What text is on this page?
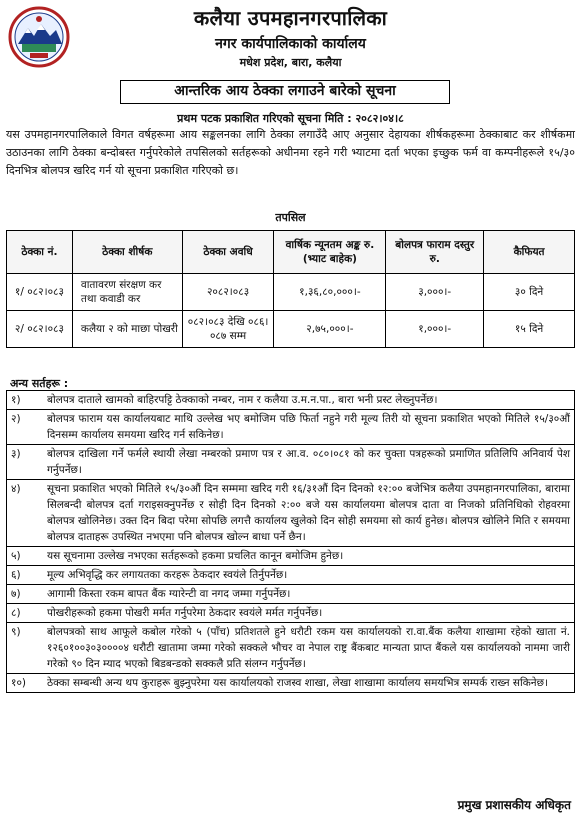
कलैया उपमहानगरपालिका
नगर कार्यपालिकाको कार्यालय
मधेश प्रदेश, बारा, कलैया
आन्तरिक आय ठेक्का लगाउने बारेको सूचना
प्रथम पटक प्रकाशित गरिएको सूचना मिति : २०८२।०४।८

यस उपमहानगरपालिकाले विगत वर्षहरूमा आय सङ्कलनका लागि ठेक्का लगाउँदै आए अनुसार देहायका शीर्षकहरूमा ठेक्काबाट कर शीर्षकमा उठाउनका लागि ठेक्का बन्दोबस्त गर्नुपरेकोले तपसिलको सर्तहरूको अधीनमा रहने गरी भ्याटमा दर्ता भएका इच्छुक फर्म वा कम्पनीहरूले १५/३० दिनभित्र बोलपत्र खरिद गर्न यो सूचना प्रकाशित गरिएको छ।

तपसिल
ठेक्का नं.	ठेक्का शीर्षक	ठेक्का अवधि	वार्षिक न्यूनतम अङ्क रु. (भ्याट बाहेक)	बोलपत्र फाराम दस्तुर रु.	कैफियत
१/ ०८२।०८३	वातावरण संरक्षण कर तथा कवाडी कर	२०८२।०८३	१,३६,८०,०००।-	३,०००।-	३० दिने
२/ ०८२।०८३	कलैया २ को माछा पोखरी	०८२।०८३ देखि ०८६।०८७ सम्म	२,७५,०००।-	१,०००।-	१५ दिने
अन्य सर्तहरू :
१)	बोलपत्र दाताले खामको बाहिरपट्टि ठेक्काको नम्बर, नाम र कलैया उ.म.न.पा., बारा भनी प्रस्ट लेख्नुपर्नेछ।
२)	बोलपत्र फाराम यस कार्यालयबाट माथि उल्लेख भए बमोजिम पछि फिर्ता नहुने गरी मूल्य तिरी यो सूचना प्रकाशित भएको मितिले १५/३०औं दिनसम्म कार्यालय समयमा खरिद गर्न सकिनेछ।
३)	बोलपत्र दाखिला गर्ने फर्मले स्थायी लेखा नम्बरको प्रमाण पत्र र आ.व. ०८०।०८१ को कर चुक्ता पत्रहरूको प्रमाणित प्रतिलिपि अनिवार्य पेश गर्नुपर्नेछ।
४)	सूचना प्रकाशित भएको मितिले १५/३०औं दिन सम्ममा खरिद गरी १६/३१औं दिन दिनको १२:०० बजेभित्र कलैया उपमहानगरपालिका, बारामा सिलबन्दी बोलपत्र दर्ता गराइसक्नुपर्नेछ र सोही दिन दिनको २:०० बजे यस कार्यालयमा बोलपत्र दाता वा निजको प्रतिनिधिको रोहवरमा बोलपत्र खोलिनेछ। उक्त दिन बिदा परेमा सोपछि लगत्तै कार्यालय खुलेको दिन सोही समयमा सो कार्य हुनेछ। बोलपत्र खोलिने मिति र समयमा बोलपत्र दाताहरू उपस्थित नभएमा पनि बोलपत्र खोल्न बाधा पर्ने छैन।
५)	यस सूचनामा उल्लेख नभएका सर्तहरूको हकमा प्रचलित कानून बमोजिम हुनेछ।
६)	मूल्य अभिवृद्धि कर लगायतका करहरू ठेकदार स्वयंले तिर्नुपर्नेछ।
७)	आगामी किस्ता रकम बापत बैंक ग्यारेन्टी वा नगद जम्मा गर्नुपर्नेछ।
८)	पोखरीहरूको हकमा पोखरी मर्मत गर्नुपरेमा ठेकदार स्वयंले मर्मत गर्नुपर्नेछ।
९)	बोलपत्रको साथ आफूले कबोल गरेको ५ (पाँच) प्रतिशतले हुने धरौटी रकम यस कार्यालयको रा.वा.बैंक कलैया शाखामा रहेको खाता नं. १२६०१००३०३००००४ धरौटी खातामा जम्मा गरेको सक्कले भौचर वा नेपाल राष्ट्र बैंकबाट मान्यता प्राप्त बैंकले यस कार्यालयको नाममा जारी गरेको ९० दिन म्याद भएको बिडबन्डको सक्कलै प्रति संलग्न गर्नुपर्नेछ।
१०)	ठेक्का सम्बन्धी अन्य थप कुराहरू बुझ्नुपरेमा यस कार्यालयको राजस्व शाखा, लेखा शाखामा कार्यालय समयभित्र सम्पर्क राख्न सकिनेछ।
प्रमुख प्रशासकीय अधिकृत
